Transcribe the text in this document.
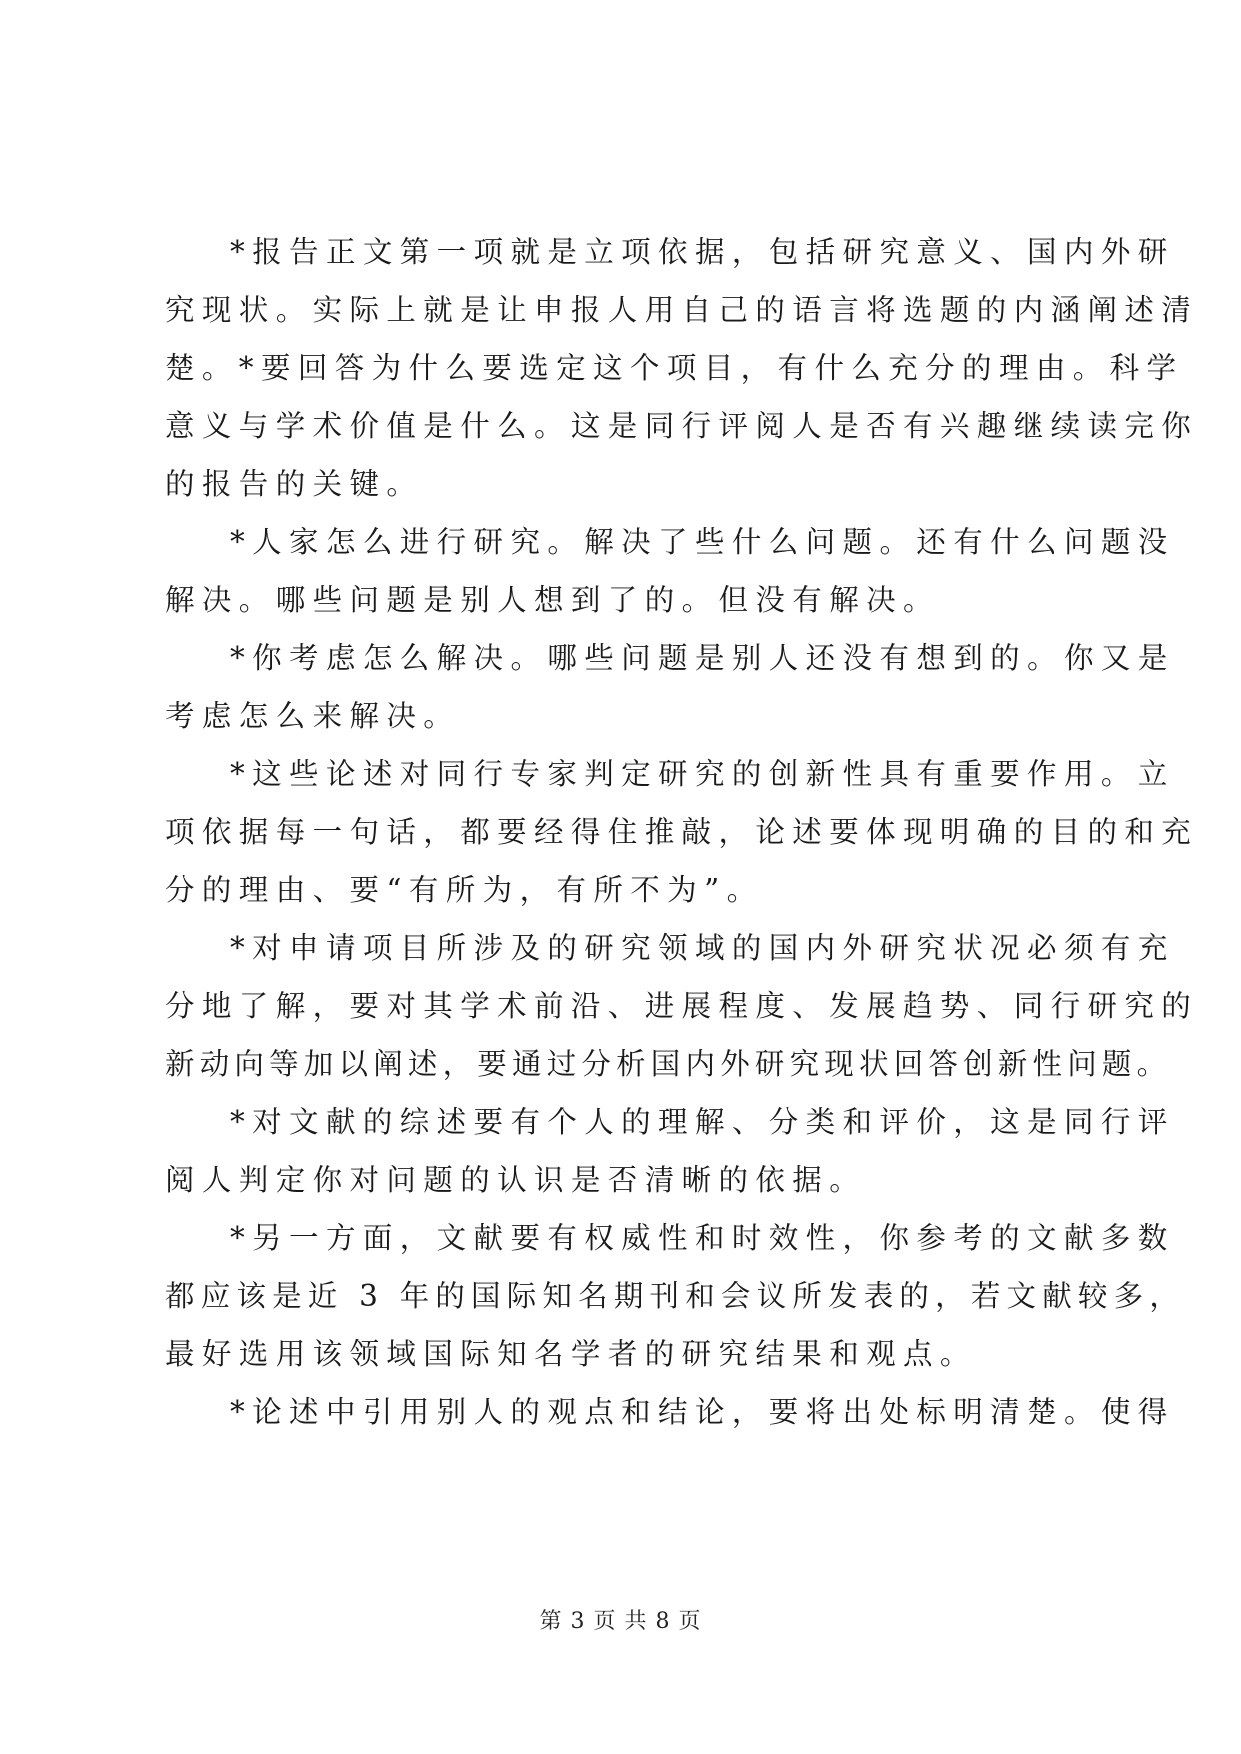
*报告正文第一项就是立项依据，包括研究意义、国内外研
究现状。实际上就是让申报人用自己的语言将选题的内涵阐述清
楚。*要回答为什么要选定这个项目，有什么充分的理由。科学
意义与学术价值是什么。这是同行评阅人是否有兴趣继续读完你
的报告的关键。
*人家怎么进行研究。解决了些什么问题。还有什么问题没
解决。哪些问题是别人想到了的。但没有解决。
*你考虑怎么解决。哪些问题是别人还没有想到的。你又是
考虑怎么来解决。
*这些论述对同行专家判定研究的创新性具有重要作用。立
项依据每一句话，都要经得住推敲，论述要体现明确的目的和充
分的理由、要“有所为，有所不为”。
*对申请项目所涉及的研究领域的国内外研究状况必须有充
分地了解，要对其学术前沿、进展程度、发展趋势、同行研究的
新动向等加以阐述，要通过分析国内外研究现状回答创新性问题。
*对文献的综述要有个人的理解、分类和评价，这是同行评
阅人判定你对问题的认识是否清晰的依据。
*另一方面，文献要有权威性和时效性，你参考的文献多数
都应该是近 3 年的国际知名期刊和会议所发表的，若文献较多，
最好选用该领域国际知名学者的研究结果和观点。
*论述中引用别人的观点和结论，要将出处标明清楚。使得
第 3 页 共 8 页
